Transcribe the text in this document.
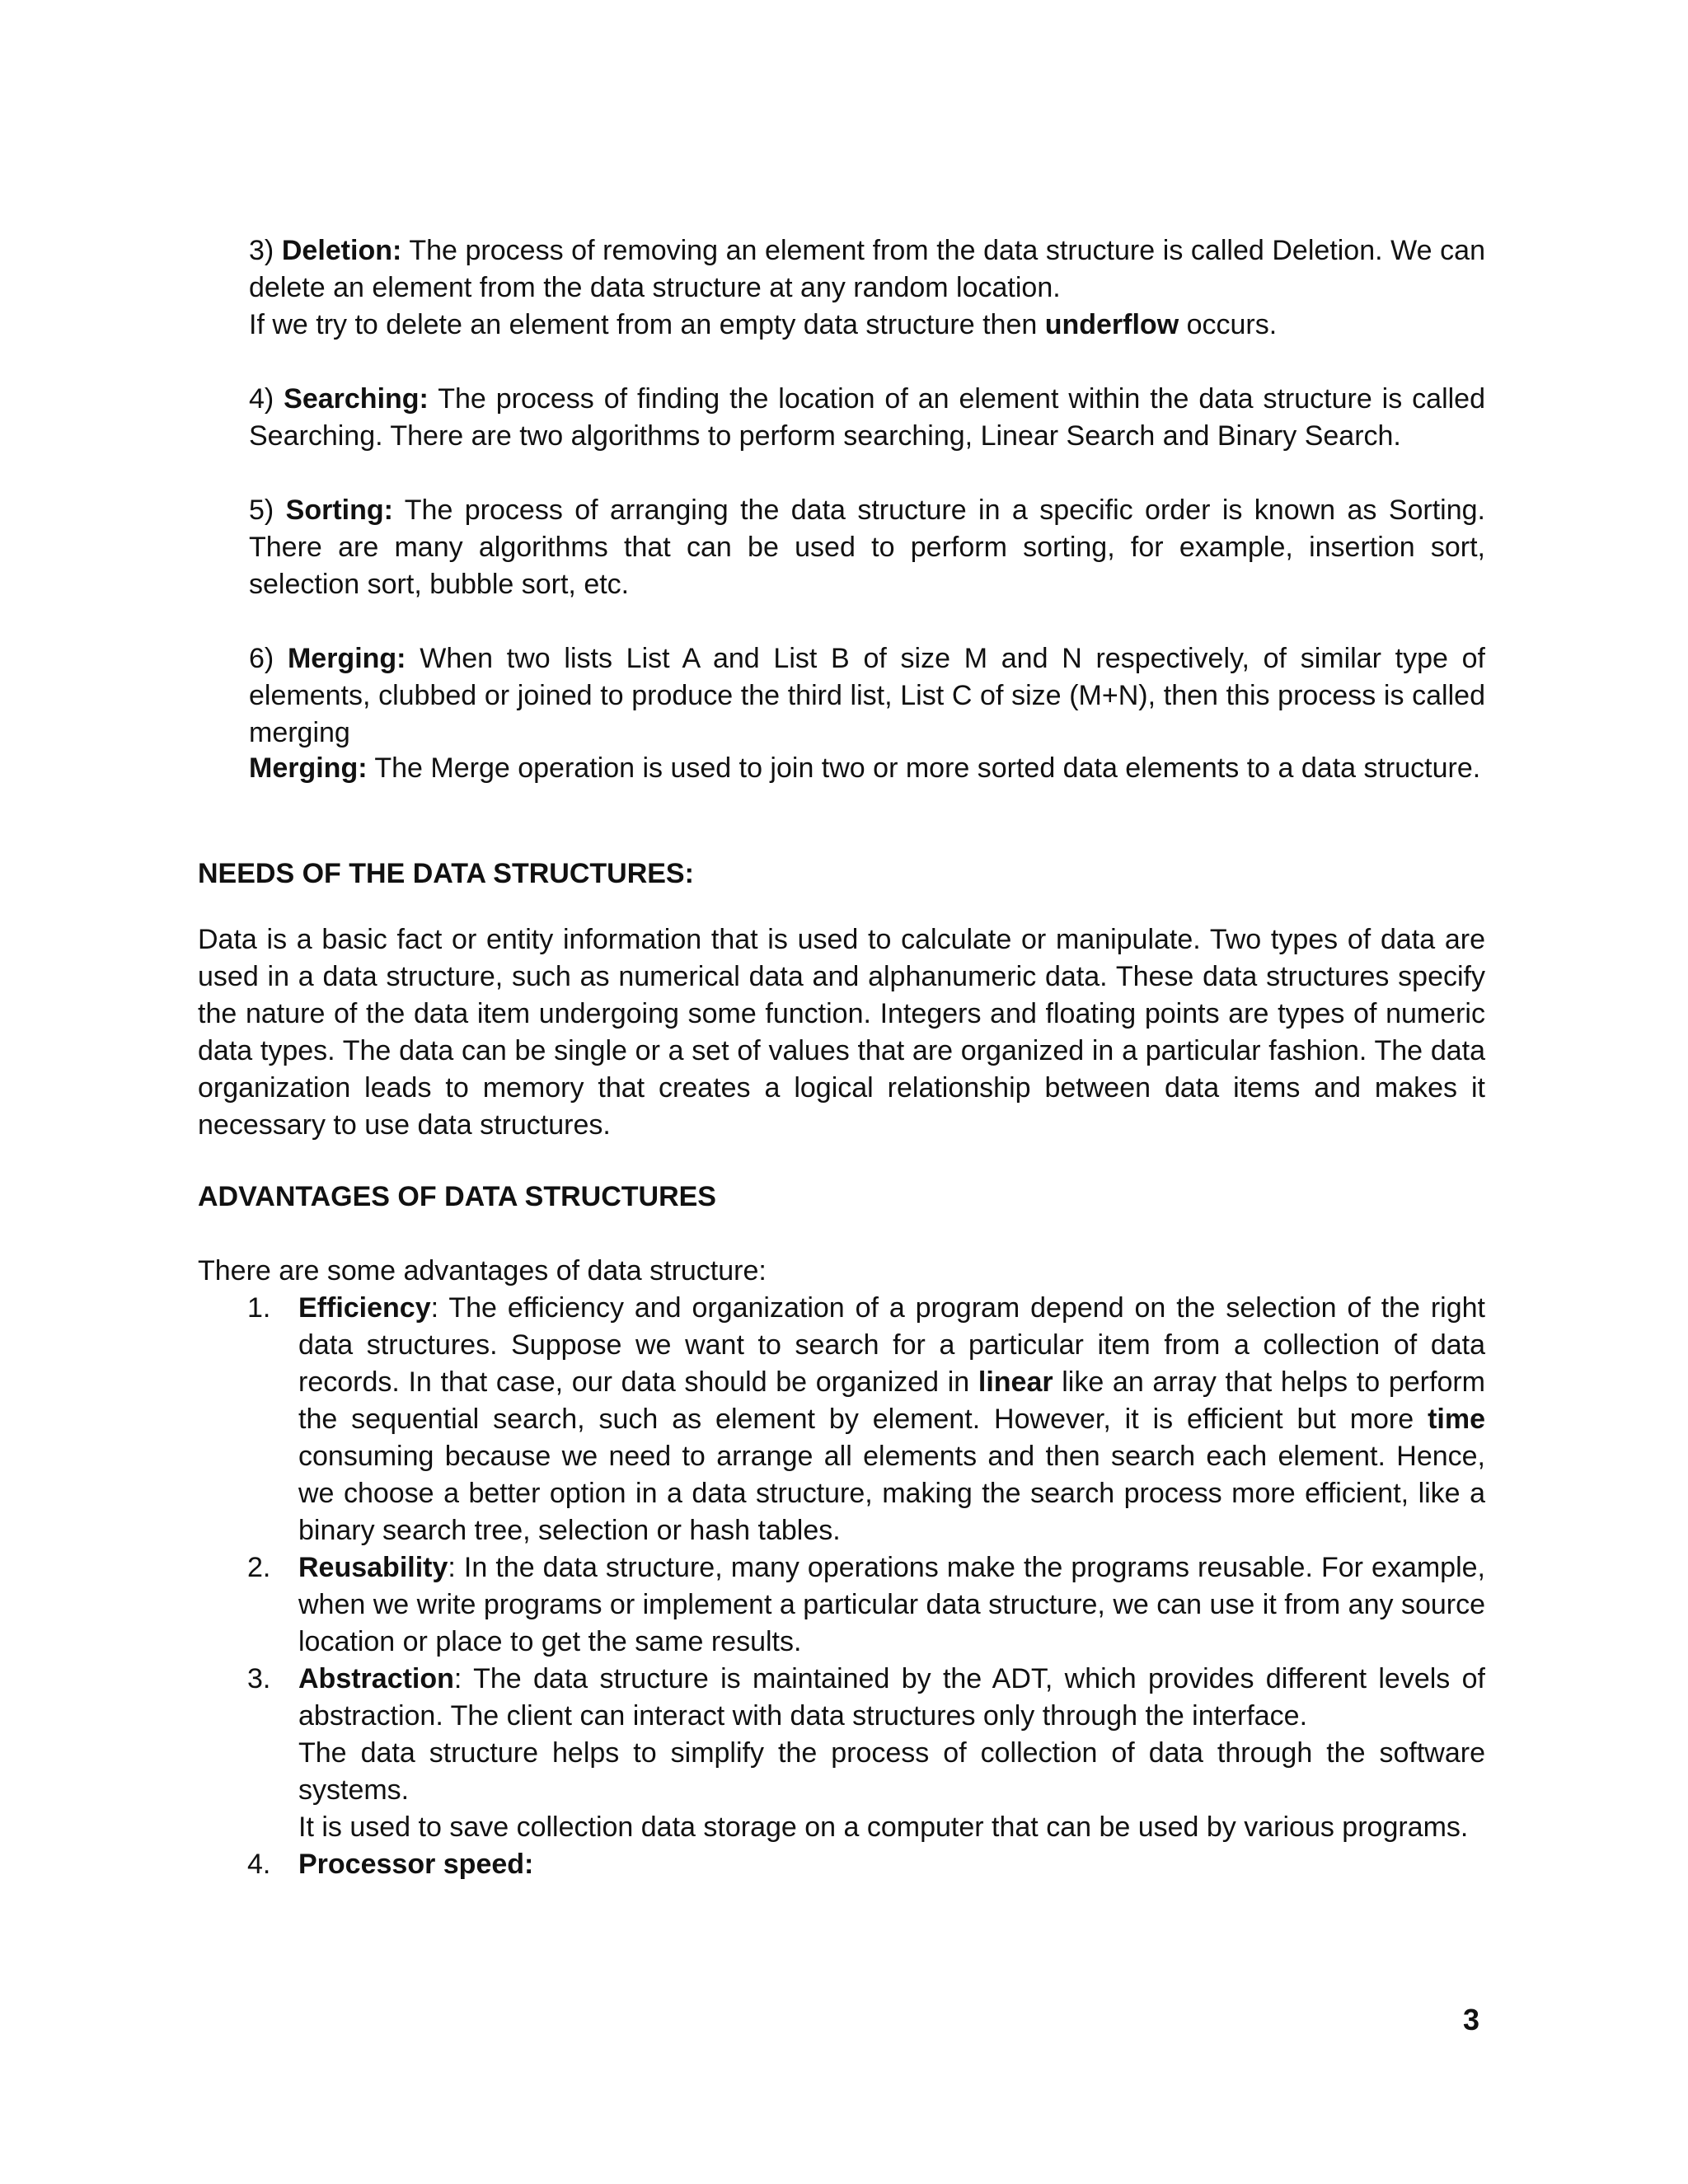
3) Deletion: The process of removing an element from the data structure is called Deletion. We can delete an element from the data structure at any random location.
If we try to delete an element from an empty data structure then underflow occurs.

4) Searching: The process of finding the location of an element within the data structure is called Searching. There are two algorithms to perform searching, Linear Search and Binary Search.

5) Sorting: The process of arranging the data structure in a specific order is known as Sorting. There are many algorithms that can be used to perform sorting, for example, insertion sort, selection sort, bubble sort, etc.

6) Merging: When two lists List A and List B of size M and N respectively, of similar type of elements, clubbed or joined to produce the third list, List C of size (M+N), then this process is called merging

Merging: The Merge operation is used to join two or more sorted data elements to a data structure.

NEEDS OF THE DATA STRUCTURES:

Data is a basic fact or entity information that is used to calculate or manipulate. Two types of data are used in a data structure, such as numerical data and alphanumeric data. These data structures specify the nature of the data item undergoing some function. Integers and floating points are types of numeric data types. The data can be single or a set of values that are organized in a particular fashion. The data organization leads to memory that creates a logical relationship between data items and makes it necessary to use data structures.

ADVANTAGES OF DATA STRUCTURES

There are some advantages of data structure:

1. Efficiency: The efficiency and organization of a program depend on the selection of the right data structures. Suppose we want to search for a particular item from a collection of data records. In that case, our data should be organized in linear like an array that helps to perform the sequential search, such as element by element. However, it is efficient but more time consuming because we need to arrange all elements and then search each element. Hence, we choose a better option in a data structure, making the search process more efficient, like a binary search tree, selection or hash tables.

2. Reusability: In the data structure, many operations make the programs reusable. For example, when we write programs or implement a particular data structure, we can use it from any source location or place to get the same results.

3. Abstraction: The data structure is maintained by the ADT, which provides different levels of abstraction. The client can interact with data structures only through the interface.

The data structure helps to simplify the process of collection of data through the software systems.

It is used to save collection data storage on a computer that can be used by various programs.

4. Processor speed:

3
